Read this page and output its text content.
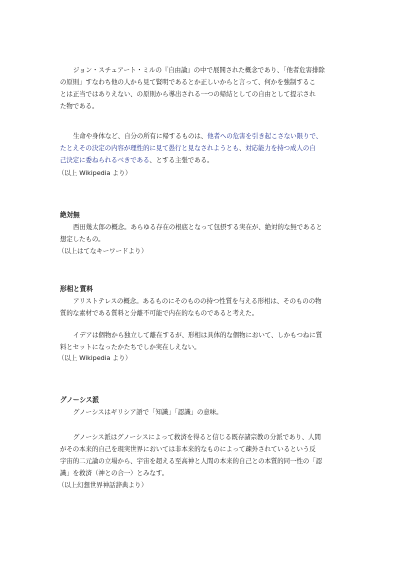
ジョン・スチュアート・ミルの『自由論』の中で展開された概念であり、「他者危害排除
の原則」すなわち他の人から見て賢明であるとか正しいからと言って、何かを強制するこ
とは正当ではありえない、の原則から導出される一つの帰結としての自由として提示され
た物である。
生命や身体など、自分の所有に帰するものは、他者への危害を引き起こさない限りで、
たとえその決定の内容が理性的に見て愚行と見なされようとも、対応能力を持つ成人の自
己決定に委ねられるべきである、とする主張である。

（以上 Wikipedia より）

絶対無

西田幾太郎の概念。あらゆる存在の根底となって包摂する実在が、絶対的な無であると
想定したもの。

（以上はてなキーワードより）

形相と質料

アリストテレスの概念。あるものにそのものの持つ性質を与える形相は、そのものの物
質的な素材である質料と分離不可能で内在的なものであると考えた。
イデアは個物から独立して離在するが、形相は具体的な個物において、しかもつねに質
料とセットになったかたちでしか実在しえない。

（以上 Wikipedia より）

グノーシス派

グノーシスはギリシア語で「知識」「認識」の意味。
グノーシス派はグノーシスによって救済を得ると信じる既存諸宗教の分派であり、人間
がその本来的自己を現実世界においては非本来的なものによって疎外されているという反
宇宙的二元論の立場から、宇宙を超える至高神と人間の本来的自己との本質的同一性の「認
識」を救済（神との合一）とみなす。

（以上幻想世界神話辞典より）
